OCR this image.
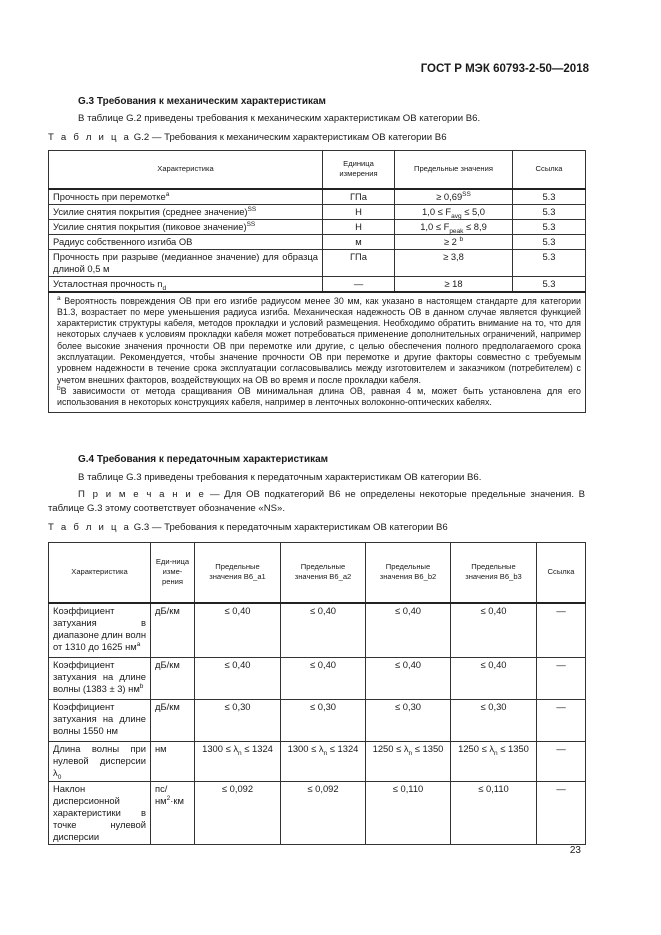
ГОСТ Р МЭК 60793-2-50—2018
G.3 Требования к механическим характеристикам
В таблице G.2 приведены требования к механическим характеристикам ОВ категории В6.
Т а б л и ц а G.2 — Требования к механическим характеристикам ОВ категории В6
Характеристика	Единица измерения	Предельные значения	Ссылка
Прочность при перемотке$^а$	ГПа	≥ $0,69^{SS}$	5.3
Усилие снятия покрытия (среднее значение)$^{SS}$	Н	$1,0 \le F_{avg} \le 5,0$	5.3
Усилие снятия покрытия (пиковое значение)$^{SS}$	Н	$1,0 \le F_{peak} \le 8,9$	5.3
Радиус собственного изгиба ОВ	м	≥ 2 $^b$	5.3
Прочность при разрыве (медианное значение) для образца длиной 0,5 м	ГПа	≥ 3,8	5.3
Усталостная прочность $n_d$	—	≥ 18	5.3

$^a$ Вероятность повреждения ОВ при его изгибе радиусом менее 30 мм, как указано в настоящем стандарте для категории B1.3, возрастает по мере уменьшения радиуса изгиба. Механическая надежность ОВ в данном случае является функцией характеристик структуры кабеля, методов прокладки и условий размещения. Необходимо обратить внимание на то, что для некоторых случаев к условиям прокладки кабеля может потребоваться применение дополнительных ограничений, например более высокие значения прочности ОВ при перемотке или другие, с целью обеспечения полного предполагаемого срока эксплуатации. Рекомендуется, чтобы значение прочности ОВ при перемотке и другие факторы совместно с требуемым уровнем надежности в течение срока эксплуатации согласовывались между изготовителем и заказчиком (потребителем) с учетом внешних факторов, воздействующих на ОВ во время и после прокладки кабеля.
$^b$В зависимости от метода сращивания ОВ минимальная длина ОВ, равная 4 м, может быть установлена для его использования в некоторых конструкциях кабеля, например в ленточных волоконно-оптических кабелях.			
G.4 Требования к передаточным характеристикам
В таблице G.3 приведены требования к передаточным характеристикам ОВ категории В6.
П р и м е ч а н и е — Для ОВ подкатегорий В6 не определены некоторые предельные значения. В таблице G.3 этому соответствует обозначение «NS».
Т а б л и ц а G.3 — Требования к передаточным характеристикам ОВ категории В6
Характеристика	Еди-ница изме-рения	Предельные значения В6_а1	Предельные значения В6_а2	Предельные значения В6_b2	Предельные значения В6_b3	Ссылка
Коэффициент затухания в диапазоне длин волн от 1310 до 1625 $нм^а$	дБ/км	≤ 0,40	≤ 0,40	≤ 0,40	≤ 0,40	—
Коэффициент затухания на длине волны (1383 ± 3) $нм^b$	дБ/км	≤ 0,40	≤ 0,40	≤ 0,40	≤ 0,40	—
Коэффициент затухания на длине волны 1550 нм	дБ/км	≤ 0,30	≤ 0,30	≤ 0,30	≤ 0,30	—
Длина волны при нулевой дисперсии $\lambda_0$	нм	$1300 \le \lambda_n \le 1324$	$1300 \le \lambda_n \le 1324$	$1250 \le \lambda_n \le 1350$	$1250 \le \lambda_n \le 1350$	—
Наклон дисперсионной характеристики в точке нулевой дисперсии	$пс/нм^2\cdot км$	≤ 0,092	≤ 0,092	≤ 0,110	≤ 0,110	—
23
